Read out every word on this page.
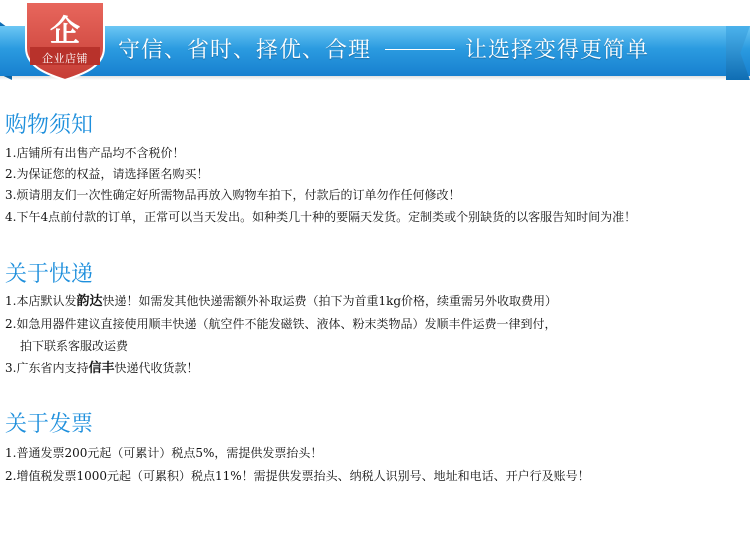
企
企业店铺	守信、省时、择优、合理	让选择变得更简单
购物须知
1.店铺所有出售产品均不含税价！
2.为保证您的权益，请选择匿名购买！
3.烦请朋友们一次性确定好所需物品再放入购物车拍下，付款后的订单勿作任何修改！
4.下午4点前付款的订单，正常可以当天发出。如种类几十种的要隔天发货。定制类或个别缺货的以客服告知时间为准！
关于快递
1.本店默认发韵达快递！如需发其他快递需额外补取运费（拍下为首重1kg价格，续重需另外收取费用）
2.如急用器件建议直接使用顺丰快递（航空件不能发磁铁、液体、粉末类物品）发顺丰件运费一律到付，
拍下联系客服改运费
3.广东省内支持信丰快递代收货款！
关于发票
1.普通发票200元起（可累计）税点5%，需提供发票抬头！
2.增值税发票1000元起（可累积）税点11%！需提供发票抬头、纳税人识别号、地址和电话、开户行及账号！
